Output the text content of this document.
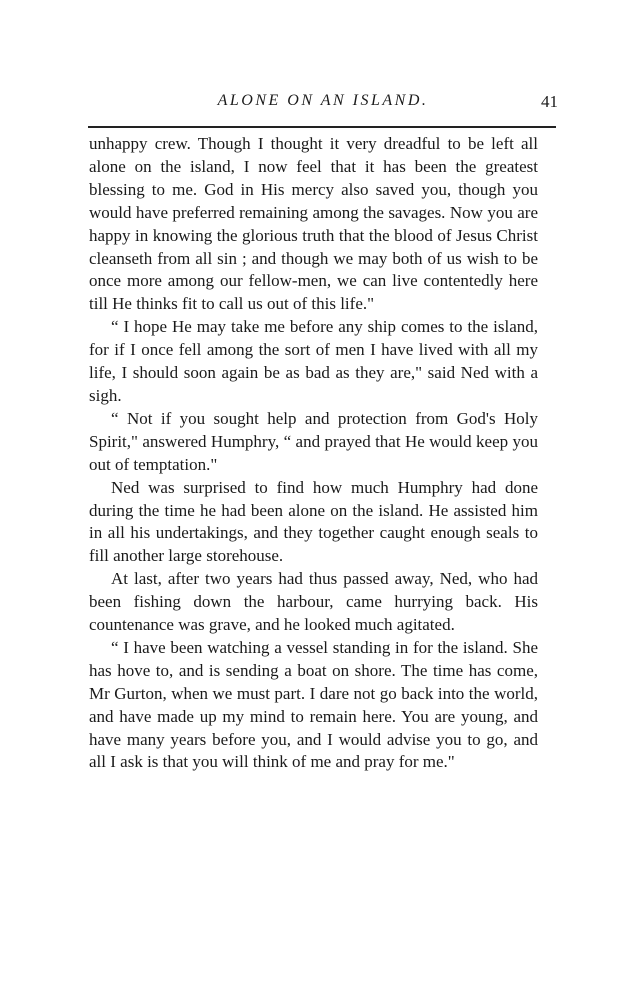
ALONE ON AN ISLAND.	41

unhappy crew. Though I thought it very dreadful to be left all alone on the island, I now feel that it has been the greatest blessing to me. God in His mercy also saved you, though you would have preferred remaining among the savages. Now you are happy in knowing the glorious truth that the blood of Jesus Christ cleanseth from all sin ; and though we may both of us wish to be once more among our fellow-men, we can live contentedly here till He thinks fit to call us out of this life."

“ I hope He may take me before any ship comes to the island, for if I once fell among the sort of men I have lived with all my life, I should soon again be as bad as they are," said Ned with a sigh.

“ Not if you sought help and protection from God's Holy Spirit," answered Humphry, “ and prayed that He would keep you out of temptation."

Ned was surprised to find how much Humphry had done during the time he had been alone on the island. He assisted him in all his undertakings, and they together caught enough seals to fill another large storehouse.

At last, after two years had thus passed away, Ned, who had been fishing down the harbour, came hurrying back. His countenance was grave, and he looked much agitated.

“ I have been watching a vessel standing in for the island. She has hove to, and is sending a boat on shore. The time has come, Mr Gurton, when we must part. I dare not go back into the world, and have made up my mind to remain here. You are young, and have many years before you, and I would advise you to go, and all I ask is that you will think of me and pray for me."
